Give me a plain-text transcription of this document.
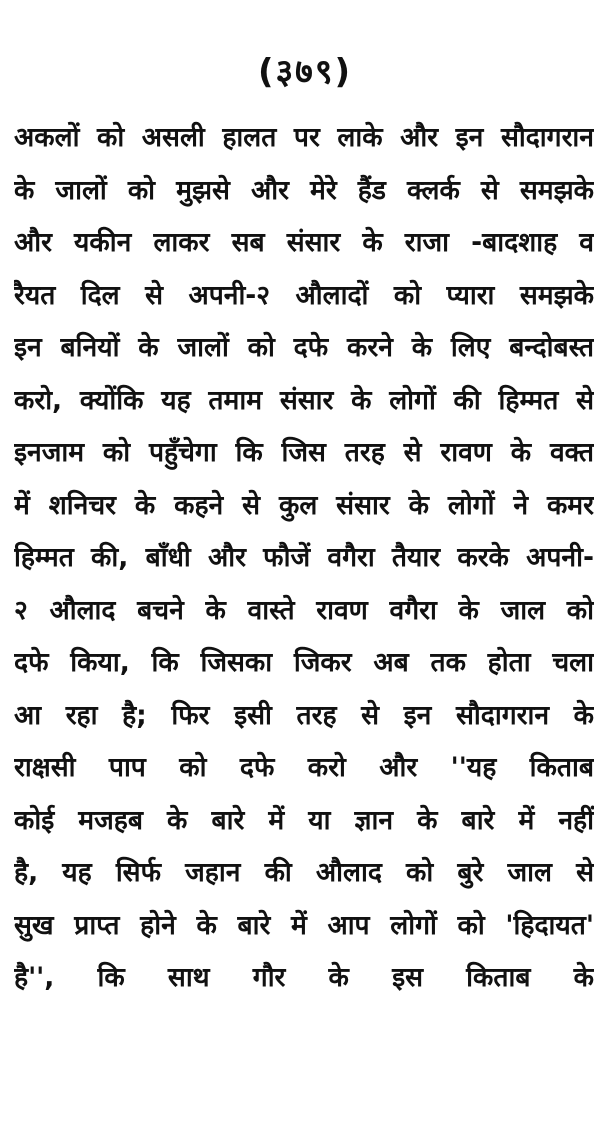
(३७९)
अकलों को असली हालत पर लाके और इन सौदागरान
के जालों को मुझसे और मेरे हैंड क्लर्क से समझके
और यकीन लाकर सब संसार के राजा -बादशाह व
रैयत दिल से अपनी-२ औलादों को प्यारा समझके
इन बनियों के जालों को दफे करने के लिए बन्दोबस्त
करो, क्योंकि यह तमाम संसार के लोगों की हिम्मत से
इनजाम को पहुँचेगा कि जिस तरह से रावण के वक्त
में शनिचर के कहने से कुल संसार के लोगों ने कमर
हिम्मत की, बाँधी और फौजें वगैरा तैयार करके अपनी-
२ औलाद बचने के वास्ते रावण वगैरा के जाल को
दफे किया, कि जिसका जिकर अब तक होता चला
आ रहा है; फिर इसी तरह से इन सौदागरान के
राक्षसी पाप को दफे करो और ''यह किताब
कोई मजहब के बारे में या ज्ञान के बारे में नहीं
है, यह सिर्फ जहान की औलाद को बुरे जाल से
सुख प्राप्त होने के बारे में आप लोगों को 'हिदायत'
है'', कि साथ गौर के इस किताब के
